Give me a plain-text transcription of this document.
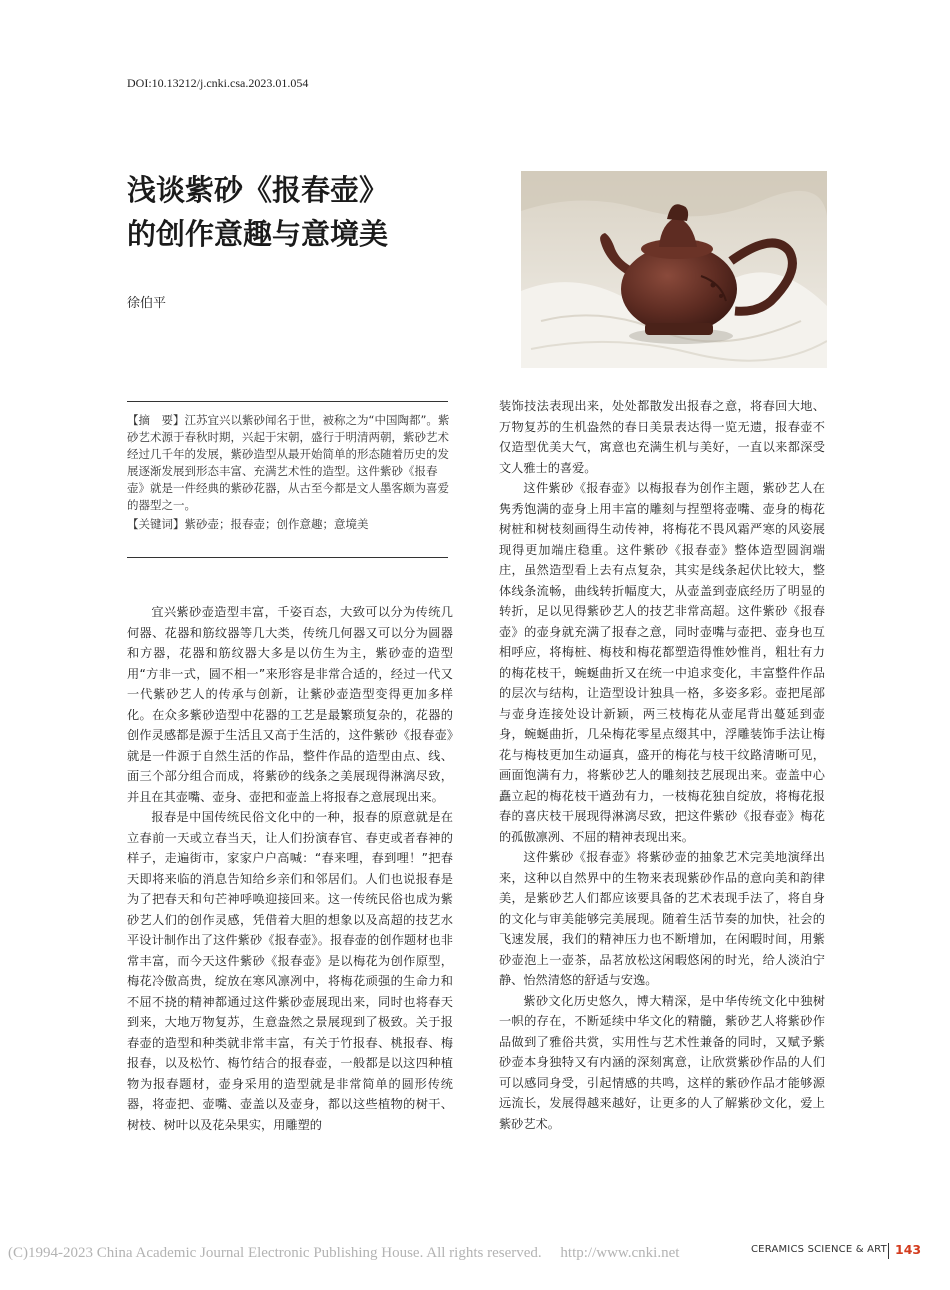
DOI:10.13212/j.cnki.csa.2023.01.054
浅谈紫砂《报春壶》
的创作意趣与意境美
徐伯平

【摘　要】江苏宜兴以紫砂闻名于世，被称之为“中国陶都”。紫砂艺术源于春秋时期，兴起于宋朝，盛行于明清两朝，紫砂艺术经过几千年的发展，紫砂造型从最开始简单的形态随着历史的发展逐渐发展到形态丰富、充满艺术性的造型。这件紫砂《报春壶》就是一件经典的紫砂花器，从古至今都是文人墨客颇为喜爱的器型之一。

【关键词】紫砂壶；报春壶；创作意趣；意境美

宜兴紫砂壶造型丰富，千姿百态，大致可以分为传统几何器、花器和筋纹器等几大类，传统几何器又可以分为圆器和方器，花器和筋纹器大多是以仿生为主，紫砂壶的造型用“方非一式，圆不相一”来形容是非常合适的，经过一代又一代紫砂艺人的传承与创新，让紫砂壶造型变得更加多样化。在众多紫砂造型中花器的工艺是最繁琐复杂的，花器的创作灵感都是源于生活且又高于生活的，这件紫砂《报春壶》就是一件源于自然生活的作品，整件作品的造型由点、线、面三个部分组合而成，将紫砂的线条之美展现得淋漓尽致，并且在其壶嘴、壶身、壶把和壶盖上将报春之意展现出来。

报春是中国传统民俗文化中的一种，报春的原意就是在立春前一天或立春当天，让人们扮演春官、春吏或者春神的样子，走遍街市，家家户户高喊：“春来哩，春到哩！”把春天即将来临的消息告知给乡亲们和邻居们。人们也说报春是为了把春天和句芒神呼唤迎接回来。这一传统民俗也成为紫砂艺人们的创作灵感，凭借着大胆的想象以及高超的技艺水平设计制作出了这件紫砂《报春壶》。报春壶的创作题材也非常丰富，而今天这件紫砂《报春壶》是以梅花为创作原型，梅花冷傲高贵，绽放在寒风凛冽中，将梅花顽强的生命力和不屈不挠的精神都通过这件紫砂壶展现出来，同时也将春天到来，大地万物复苏，生意盎然之景展现到了极致。关于报春壶的造型和种类就非常丰富，有关于竹报春、桃报春、梅报春，以及松竹、梅竹结合的报春壶，一般都是以这四种植物为报春题材，壶身采用的造型就是非常简单的圆形传统器，将壶把、壶嘴、壶盖以及壶身，都以这些植物的树干、树枝、树叶以及花朵果实，用雕塑的

装饰技法表现出来，处处都散发出报春之意，将春回大地、万物复苏的生机盎然的春日美景表达得一览无遗，报春壶不仅造型优美大气，寓意也充满生机与美好，一直以来都深受文人雅士的喜爱。

这件紫砂《报春壶》以梅报春为创作主题，紫砂艺人在隽秀饱满的壶身上用丰富的雕刻与捏塑将壶嘴、壶身的梅花树桩和树枝刻画得生动传神，将梅花不畏风霜严寒的风姿展现得更加端庄稳重。这件紫砂《报春壶》整体造型圆润端庄，虽然造型看上去有点复杂，其实是线条起伏比较大，整体线条流畅，曲线转折幅度大，从壶盖到壶底经历了明显的转折，足以见得紫砂艺人的技艺非常高超。这件紫砂《报春壶》的壶身就充满了报春之意，同时壶嘴与壶把、壶身也互相呼应，将梅桩、梅枝和梅花都塑造得惟妙惟肖，粗壮有力的梅花枝干，蜿蜒曲折又在统一中追求变化，丰富整件作品的层次与结构，让造型设计独具一格，多姿多彩。壶把尾部与壶身连接处设计新颖，两三枝梅花从壶尾背出蔓延到壶身，蜿蜒曲折，几朵梅花零星点缀其中，浮雕装饰手法让梅花与梅枝更加生动逼真，盛开的梅花与枝干纹路清晰可见，画面饱满有力，将紫砂艺人的雕刻技艺展现出来。壶盖中心矗立起的梅花枝干遒劲有力，一枝梅花独自绽放，将梅花报春的喜庆枝干展现得淋漓尽致，把这件紫砂《报春壶》梅花的孤傲凛冽、不屈的精神表现出来。

这件紫砂《报春壶》将紫砂壶的抽象艺术完美地演绎出来，这种以自然界中的生物来表现紫砂作品的意向美和韵律美，是紫砂艺人们都应该要具备的艺术表现手法了，将自身的文化与审美能够完美展现。随着生活节奏的加快，社会的飞速发展，我们的精神压力也不断增加，在闲暇时间，用紫砂壶泡上一壶茶，品茗放松这闲暇悠闲的时光，给人淡泊宁静、怡然清悠的舒适与安逸。

紫砂文化历史悠久，博大精深，是中华传统文化中独树一帜的存在，不断延续中华文化的精髓，紫砂艺人将紫砂作品做到了雅俗共赏，实用性与艺术性兼备的同时，又赋予紫砂壶本身独特又有内涵的深刻寓意，让欣赏紫砂作品的人们可以感同身受，引起情感的共鸣，这样的紫砂作品才能够源远流长，发展得越来越好，让更多的人了解紫砂文化，爱上紫砂艺术。

(C)1994-2023 China Academic Journal Electronic Publishing House. All rights reserved.　 http://www.cnki.net	CERAMICS SCIENCE & ART 143
